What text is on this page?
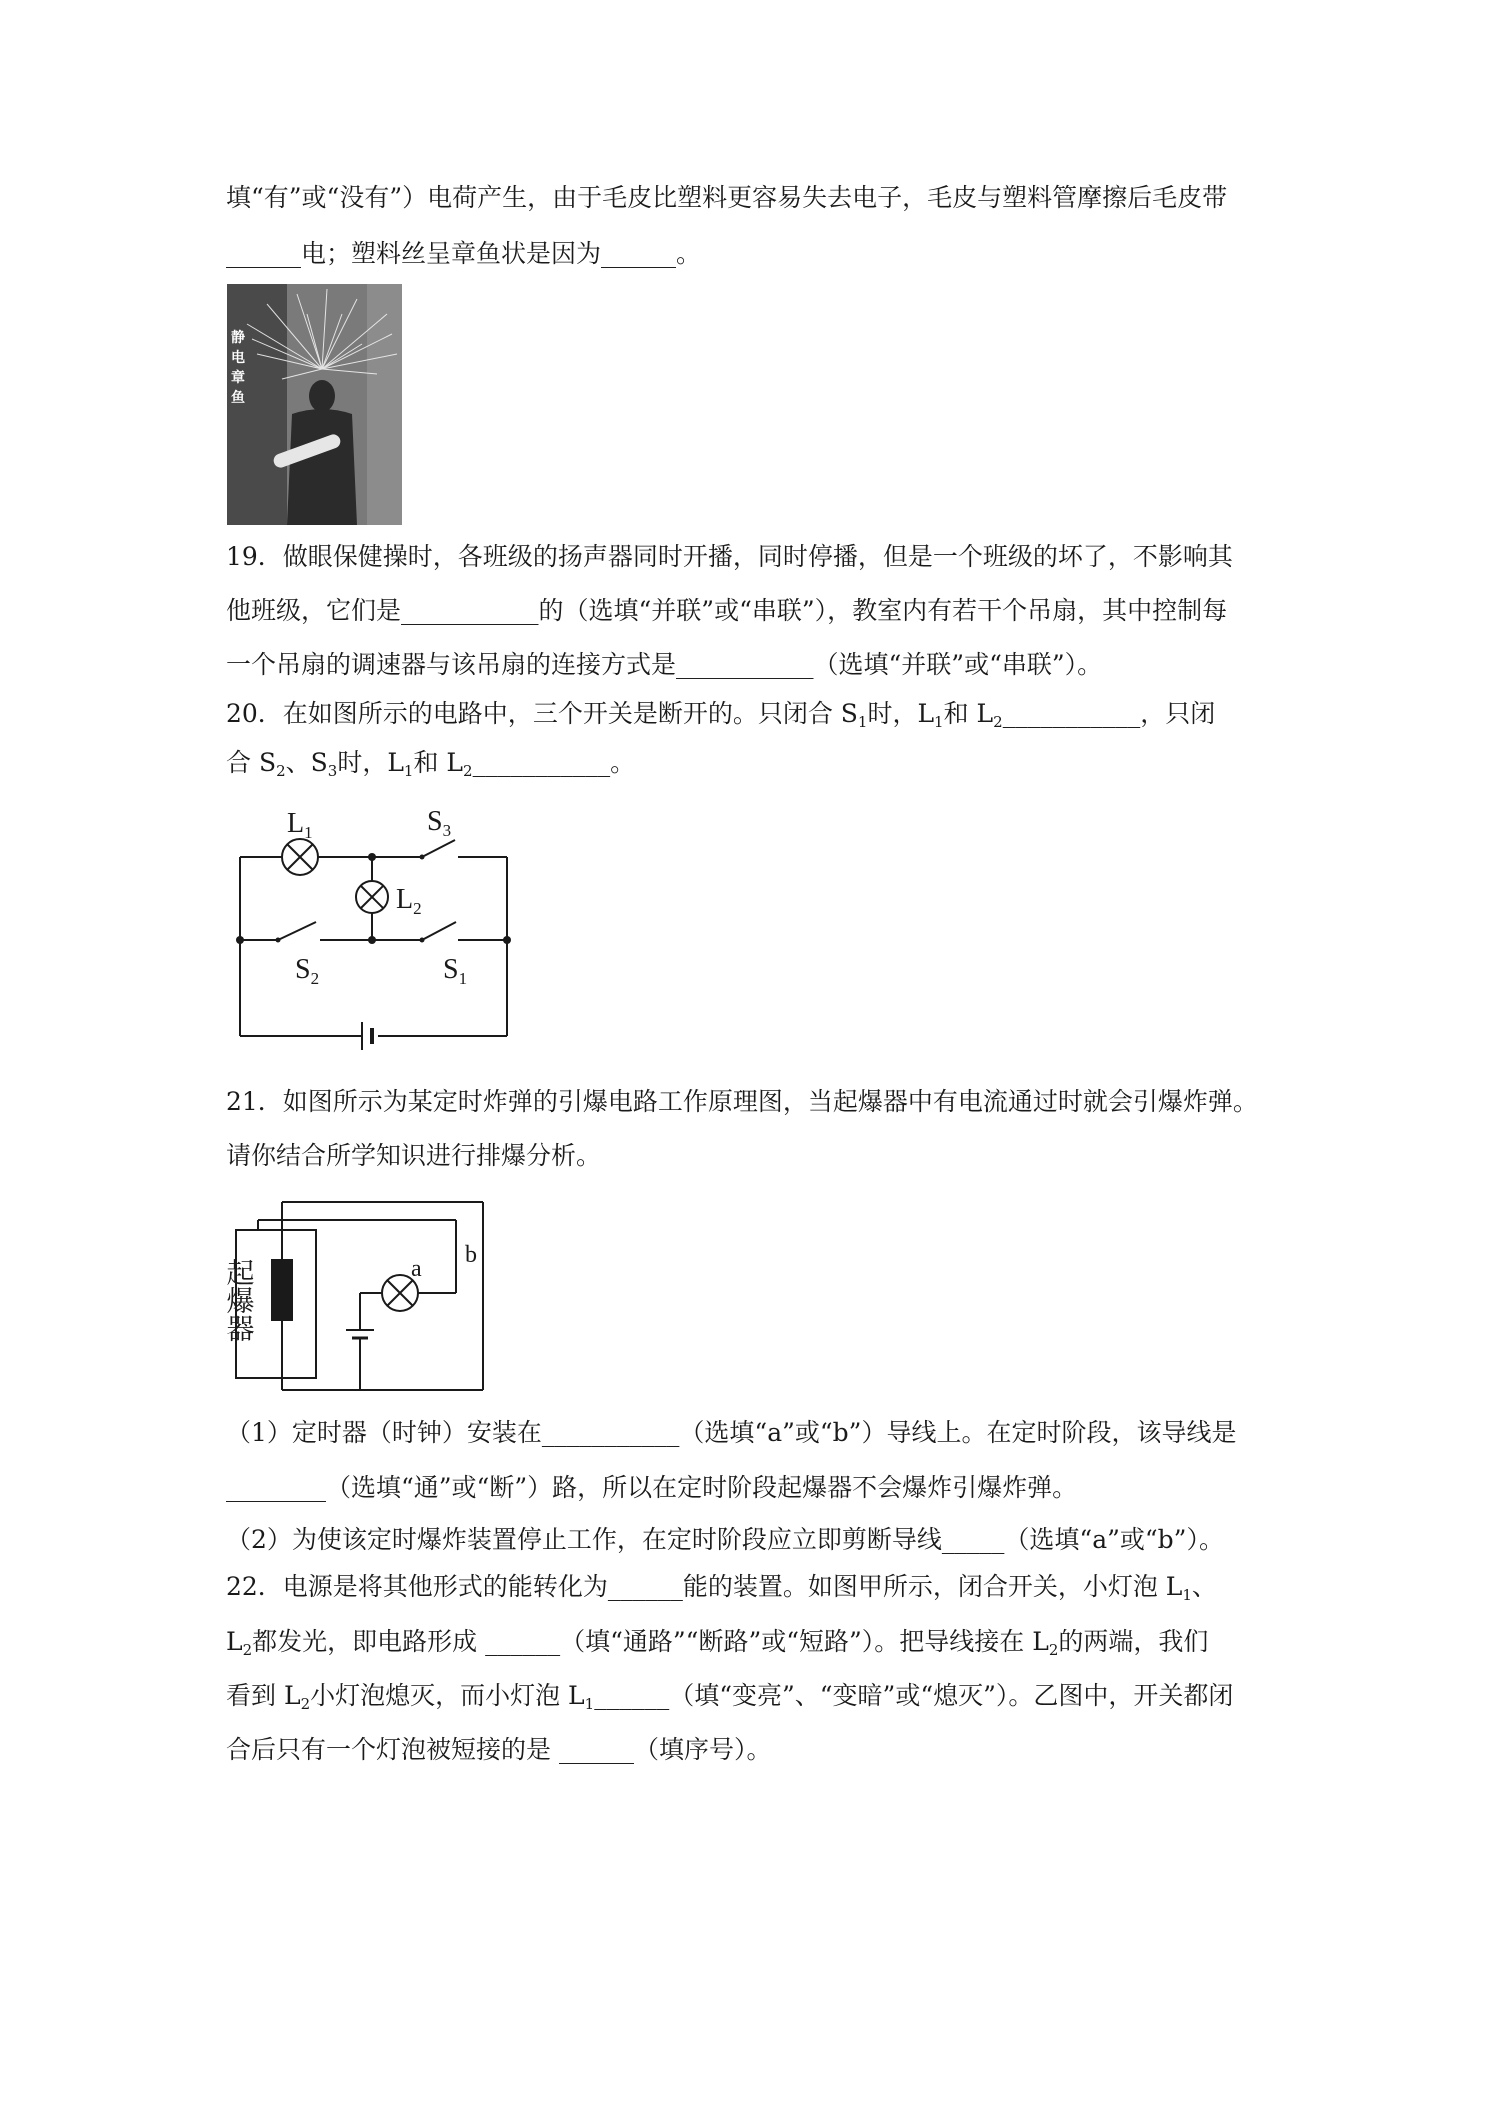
填“有”或“没有”）电荷产生，由于毛皮比塑料更容易失去电子，毛皮与塑料管摩擦后毛皮带
______电；塑料丝呈章鱼状是因为______。
静电章鱼
19．做眼保健操时，各班级的扬声器同时开播，同时停播，但是一个班级的坏了，不影响其
他班级，它们是___________的（选填“并联”或“串联”），教室内有若干个吊扇，其中控制每
一个吊扇的调速器与该吊扇的连接方式是___________（选填“并联”或“串联”）。
20．在如图所示的电路中，三个开关是断开的。只闭合 $S_1$时，$L_1$和 $L_2\_\_\_\_\_\_\_\_\_\_\_$，只闭
合 $S_2$、$S_3$时，$L_1$和 $L_2\_\_\_\_\_\_\_\_\_\_\_$。
$L_1$	$S_3$
$L_2$
$S_2$	$S_1$
21．如图所示为某定时炸弹的引爆电路工作原理图，当起爆器中有电流通过时就会引爆炸弹。
请你结合所学知识进行排爆分析。
起爆器	a
b
（1）定时器（时钟）安装在___________（选填“a”或“b”）导线上。在定时阶段，该导线是
________（选填“通”或“断”）路，所以在定时阶段起爆器不会爆炸引爆炸弹。
（2）为使该定时爆炸装置停止工作，在定时阶段应立即剪断导线_____（选填“a”或“b”）。
22．电源是将其他形式的能转化为______能的装置。如图甲所示，闭合开关，小灯泡 $L_1$、
$L_2$都发光，即电路形成 ______（填“通路”“断路”或“短路”）。把导线接在 $L_2$的两端，我们
看到 $L_2$小灯泡熄灭，而小灯泡 $L_1\_\_\_\_\_\_$（填“变亮”、“变暗”或“熄灭”）。乙图中，开关都闭
合后只有一个灯泡被短接的是 ______（填序号）。
